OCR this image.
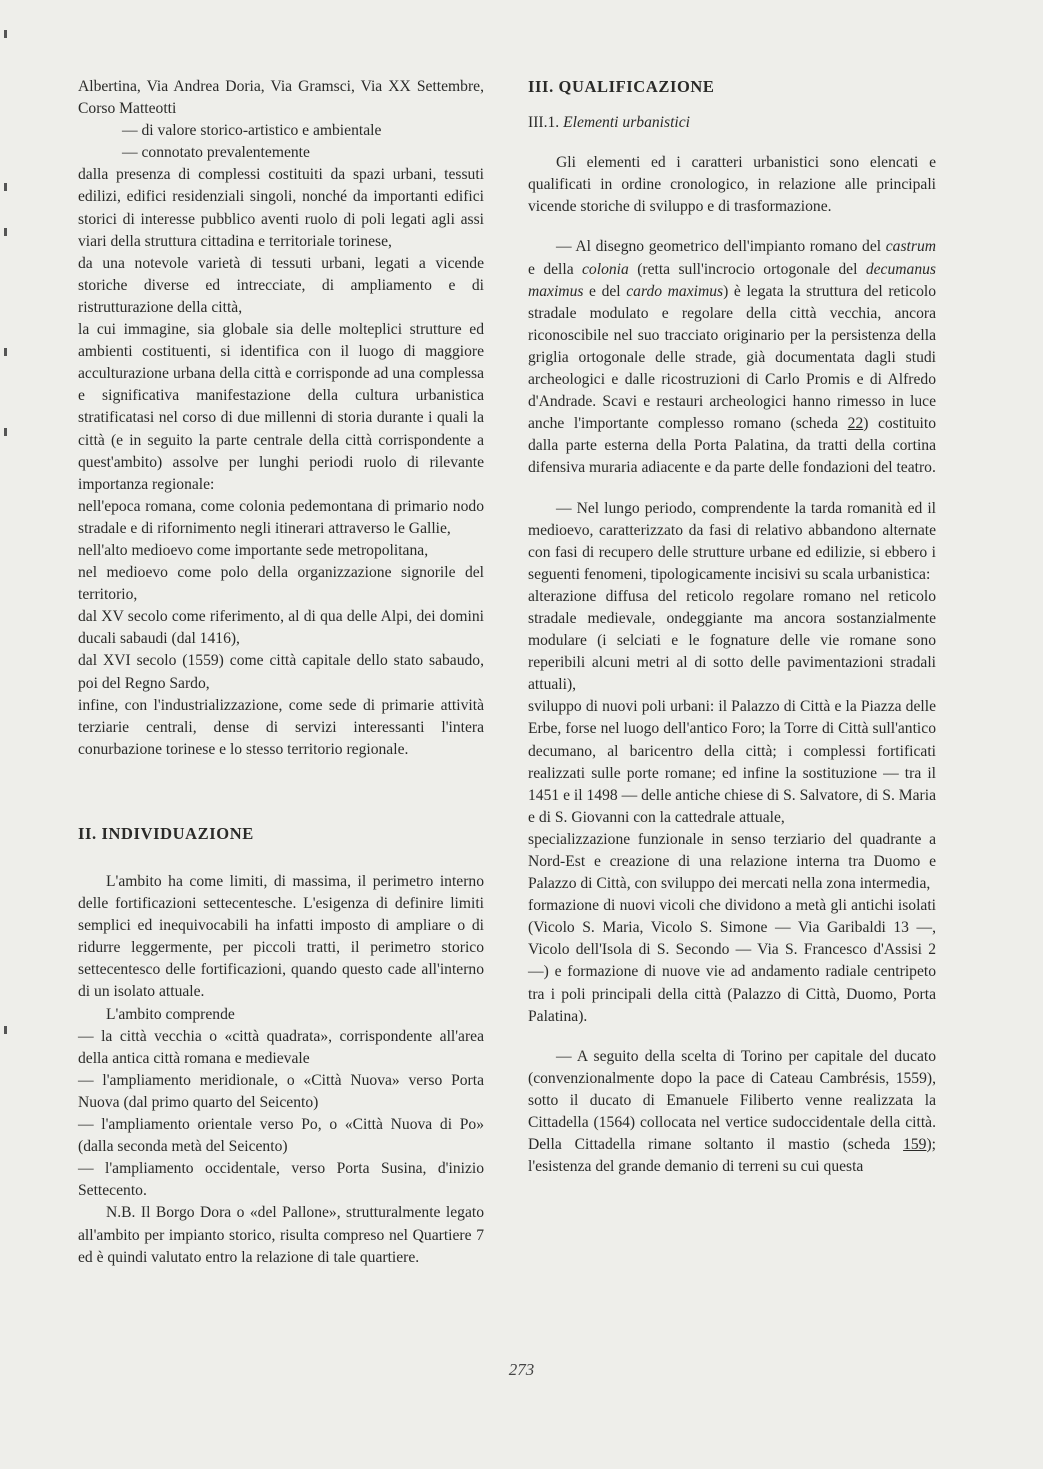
Albertina, Via Andrea Doria, Via Gramsci, Via XX Settembre, Corso Matteotti

— di valore storico-artistico e ambientale

— connotato prevalentemente

dalla presenza di complessi costituiti da spazi urbani, tessuti edilizi, edifici residenziali singoli, nonché da importanti edifici storici di interesse pubblico aventi ruolo di poli legati agli assi viari della struttura cittadina e territoriale torinese,

da una notevole varietà di tessuti urbani, legati a vicende storiche diverse ed intrecciate, di ampliamento e di ristrutturazione della città,

la cui immagine, sia globale sia delle molteplici strutture ed ambienti costituenti, si identifica con il luogo di maggiore acculturazione urbana della città e corrisponde ad una complessa e significativa manifestazione della cultura urbanistica stratificatasi nel corso di due millenni di storia durante i quali la città (e in seguito la parte centrale della città corrispondente a quest'ambito) assolve per lunghi periodi ruolo di rilevante importanza regionale:

nell'epoca romana, come colonia pedemontana di primario nodo stradale e di rifornimento negli itinerari attraverso le Gallie,

nell'alto medioevo come importante sede metropolitana,

nel medioevo come polo della organizzazione signorile del territorio,

dal XV secolo come riferimento, al di qua delle Alpi, dei domini ducali sabaudi (dal 1416),

dal XVI secolo (1559) come città capitale dello stato sabaudo, poi del Regno Sardo,

infine, con l'industrializzazione, come sede di primarie attività terziarie centrali, dense di servizi interessanti l'intera conurbazione torinese e lo stesso territorio regionale.

II. INDIVIDUAZIONE

L'ambito ha come limiti, di massima, il perimetro interno delle fortificazioni settecentesche. L'esigenza di definire limiti semplici ed inequivocabili ha infatti imposto di ampliare o di ridurre leggermente, per piccoli tratti, il perimetro storico settecentesco delle fortificazioni, quando questo cade all'interno di un isolato attuale.

L'ambito comprende

— la città vecchia o «città quadrata», corrispondente all'area della antica città romana e medievale

— l'ampliamento meridionale, o «Città Nuova» verso Porta Nuova (dal primo quarto del Seicento)

— l'ampliamento orientale verso Po, o «Città Nuova di Po» (dalla seconda metà del Seicento)

— l'ampliamento occidentale, verso Porta Susina, d'inizio Settecento.

N.B. Il Borgo Dora o «del Pallone», strutturalmente legato all'ambito per impianto storico, risulta compreso nel Quartiere 7 ed è quindi valutato entro la relazione di tale quartiere.

III. QUALIFICAZIONE

III.1. Elementi urbanistici

Gli elementi ed i caratteri urbanistici sono elencati e qualificati in ordine cronologico, in relazione alle principali vicende storiche di sviluppo e di trasformazione.

— Al disegno geometrico dell'impianto romano del castrum e della colonia (retta sull'incrocio ortogonale del decumanus maximus e del cardo maximus) è legata la struttura del reticolo stradale modulato e regolare della città vecchia, ancora riconoscibile nel suo tracciato originario per la persistenza della griglia ortogonale delle strade, già documentata dagli studi archeologici e dalle ricostruzioni di Carlo Promis e di Alfredo d'Andrade. Scavi e restauri archeologici hanno rimesso in luce anche l'importante complesso romano (scheda 22) costituito dalla parte esterna della Porta Palatina, da tratti della cortina difensiva muraria adiacente e da parte delle fondazioni del teatro.

— Nel lungo periodo, comprendente la tarda romanità ed il medioevo, caratterizzato da fasi di relativo abbandono alternate con fasi di recupero delle strutture urbane ed edilizie, si ebbero i seguenti fenomeni, tipologicamente incisivi su scala urbanistica:

alterazione diffusa del reticolo regolare romano nel reticolo stradale medievale, ondeggiante ma ancora sostanzialmente modulare (i selciati e le fognature delle vie romane sono reperibili alcuni metri al di sotto delle pavimentazioni stradali attuali),

sviluppo di nuovi poli urbani: il Palazzo di Città e la Piazza delle Erbe, forse nel luogo dell'antico Foro; la Torre di Città sull'antico decumano, al baricentro della città; i complessi fortificati realizzati sulle porte romane; ed infine la sostituzione — tra il 1451 e il 1498 — delle antiche chiese di S. Salvatore, di S. Maria e di S. Giovanni con la cattedrale attuale,

specializzazione funzionale in senso terziario del quadrante a Nord-Est e creazione di una relazione interna tra Duomo e Palazzo di Città, con sviluppo dei mercati nella zona intermedia,

formazione di nuovi vicoli che dividono a metà gli antichi isolati (Vicolo S. Maria, Vicolo S. Simone — Via Garibaldi 13 —, Vicolo dell'Isola di S. Secondo — Via S. Francesco d'Assisi 2 —) e formazione di nuove vie ad andamento radiale centripeto tra i poli principali della città (Palazzo di Città, Duomo, Porta Palatina).

— A seguito della scelta di Torino per capitale del ducato (convenzionalmente dopo la pace di Cateau Cambrésis, 1559), sotto il ducato di Emanuele Filiberto venne realizzata la Cittadella (1564) collocata nel vertice sudoccidentale della città. Della Cittadella rimane soltanto il mastio (scheda 159); l'esistenza del grande demanio di terreni su cui questa

273
